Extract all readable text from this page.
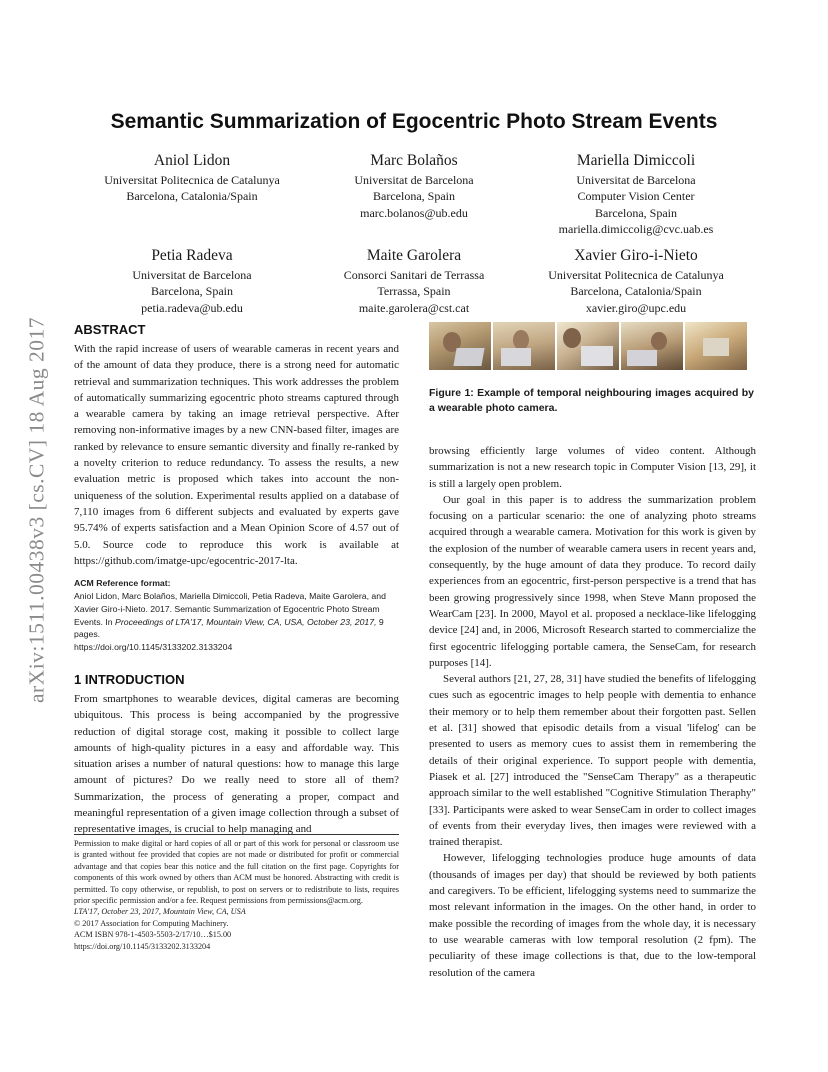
arXiv:1511.00438v3 [cs.CV] 18 Aug 2017
Semantic Summarization of Egocentric Photo Stream Events
Aniol Lidon
Universitat Politecnica de Catalunya
Barcelona, Catalonia/Spain
Marc Bolaños
Universitat de Barcelona
Barcelona, Spain
marc.bolanos@ub.edu
Mariella Dimiccoli
Universitat de Barcelona
Computer Vision Center
Barcelona, Spain
mariella.dimiccolig@cvc.uab.es
Petia Radeva
Universitat de Barcelona
Barcelona, Spain
petia.radeva@ub.edu
Maite Garolera
Consorci Sanitari de Terrassa
Terrassa, Spain
maite.garolera@cst.cat
Xavier Giro-i-Nieto
Universitat Politecnica de Catalunya
Barcelona, Catalonia/Spain
xavier.giro@upc.edu
ABSTRACT

With the rapid increase of users of wearable cameras in recent years and of the amount of data they produce, there is a strong need for automatic retrieval and summarization techniques. This work addresses the problem of automatically summarizing egocentric photo streams captured through a wearable camera by taking an image retrieval perspective. After removing non-informative images by a new CNN-based filter, images are ranked by relevance to ensure semantic diversity and finally re-ranked by a novelty criterion to reduce redundancy. To assess the results, a new evaluation metric is proposed which takes into account the non-uniqueness of the solution. Experimental results applied on a database of 7,110 images from 6 different subjects and evaluated by experts gave 95.74% of experts satisfaction and a Mean Opinion Score of 4.57 out of 5.0. Source code to reproduce this work is available at https://github.com/imatge-upc/egocentric-2017-lta.

ACM Reference format:
Aniol Lidon, Marc Bolaños, Mariella Dimiccoli, Petia Radeva, Maite Garolera, and Xavier Giro-i-Nieto. 2017. Semantic Summarization of Egocentric Photo Stream Events. In Proceedings of LTA'17, Mountain View, CA, USA, October 23, 2017, 9 pages.
https://doi.org/10.1145/3133202.3133204
1 INTRODUCTION

From smartphones to wearable devices, digital cameras are becoming ubiquitous. This process is being accompanied by the progressive reduction of digital storage cost, making it possible to collect large amounts of high-quality pictures in a easy and affordable way. This situation arises a number of natural questions: how to manage this large amount of pictures? Do we really need to store all of them? Summarization, the process of generating a proper, compact and meaningful representation of a given image collection through a subset of representative images, is crucial to help managing and

Permission to make digital or hard copies of all or part of this work for personal or classroom use is granted without fee provided that copies are not made or distributed for profit or commercial advantage and that copies bear this notice and the full citation on the first page. Copyrights for components of this work owned by others than ACM must be honored. Abstracting with credit is permitted. To copy otherwise, or republish, to post on servers or to redistribute to lists, requires prior specific permission and/or a fee. Request permissions from permissions@acm.org.
LTA'17, October 23, 2017, Mountain View, CA, USA
© 2017 Association for Computing Machinery.
ACM ISBN 978-1-4503-5503-2/17/10…$15.00
https://doi.org/10.1145/3133202.3133204
Figure 1: Example of temporal neighbouring images acquired by a wearable photo camera.

browsing efficiently large volumes of video content. Although summarization is not a new research topic in Computer Vision [13, 29], it is still a largely open problem.

Our goal in this paper is to address the summarization problem focusing on a particular scenario: the one of analyzing photo streams acquired through a wearable camera. Motivation for this work is given by the explosion of the number of wearable camera users in recent years and, consequently, by the huge amount of data they produce. To record daily experiences from an egocentric, first-person perspective is a trend that has been growing progressively since 1998, when Steve Mann proposed the WearCam [23]. In 2000, Mayol et al. proposed a necklace-like lifelogging device [24] and, in 2006, Microsoft Research started to commercialize the first egocentric lifelogging portable camera, the SenseCam, for research purposes [14].

Several authors [21, 27, 28, 31] have studied the benefits of lifelogging cues such as egocentric images to help people with dementia to enhance their memory or to help them remember about their forgotten past. Sellen et al. [31] showed that episodic details from a visual 'lifelog' can be presented to users as memory cues to assist them in remembering the details of their original experience. To support people with dementia, Piasek et al. [27] introduced the "SenseCam Therapy" as a therapeutic approach similar to the well established "Cognitive Stimulation Theraphy" [33]. Participants were asked to wear SenseCam in order to collect images of events from their everyday lives, then images were reviewed with a trained therapist.

However, lifelogging technologies produce huge amounts of data (thousands of images per day) that should be reviewed by both patients and caregivers. To be efficient, lifelogging systems need to summarize the most relevant information in the images. On the other hand, in order to make possible the recording of images from the whole day, it is necessary to use wearable cameras with low temporal resolution (2 fpm). The peculiarity of these image collections is that, due to the low-temporal resolution of the camera
